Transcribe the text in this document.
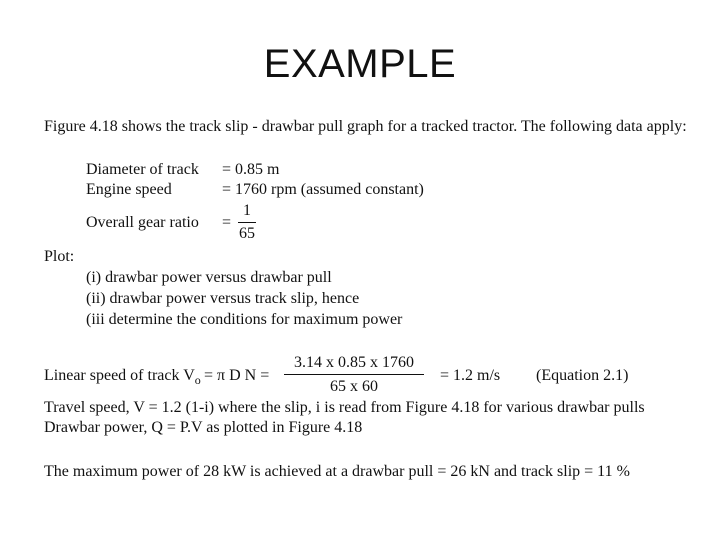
EXAMPLE
Figure 4.18 shows the track slip - drawbar pull graph for a tracked tractor. The following data apply:
Diameter of track = 0.85 m
Engine speed	= 1760 rpm (assumed constant)
Overall gear ratio =
1
65
Plot:
(i) drawbar power versus drawbar pull
(ii) drawbar power versus track slip, hence
(iii determine the conditions for maximum power
Linear speed of track $V_o = \pi$ D N =
3.14 x 0.85 x 1760
65 x 60
= 1.2 m/s (Equation 2.1)
Travel speed, V = 1.2 (1-i) where the slip, i is read from Figure 4.18 for various drawbar pulls
Drawbar power, Q = P.V as plotted in Figure 4.18
The maximum power of 28 kW is achieved at a drawbar pull = 26 kN and track slip = 11 %
